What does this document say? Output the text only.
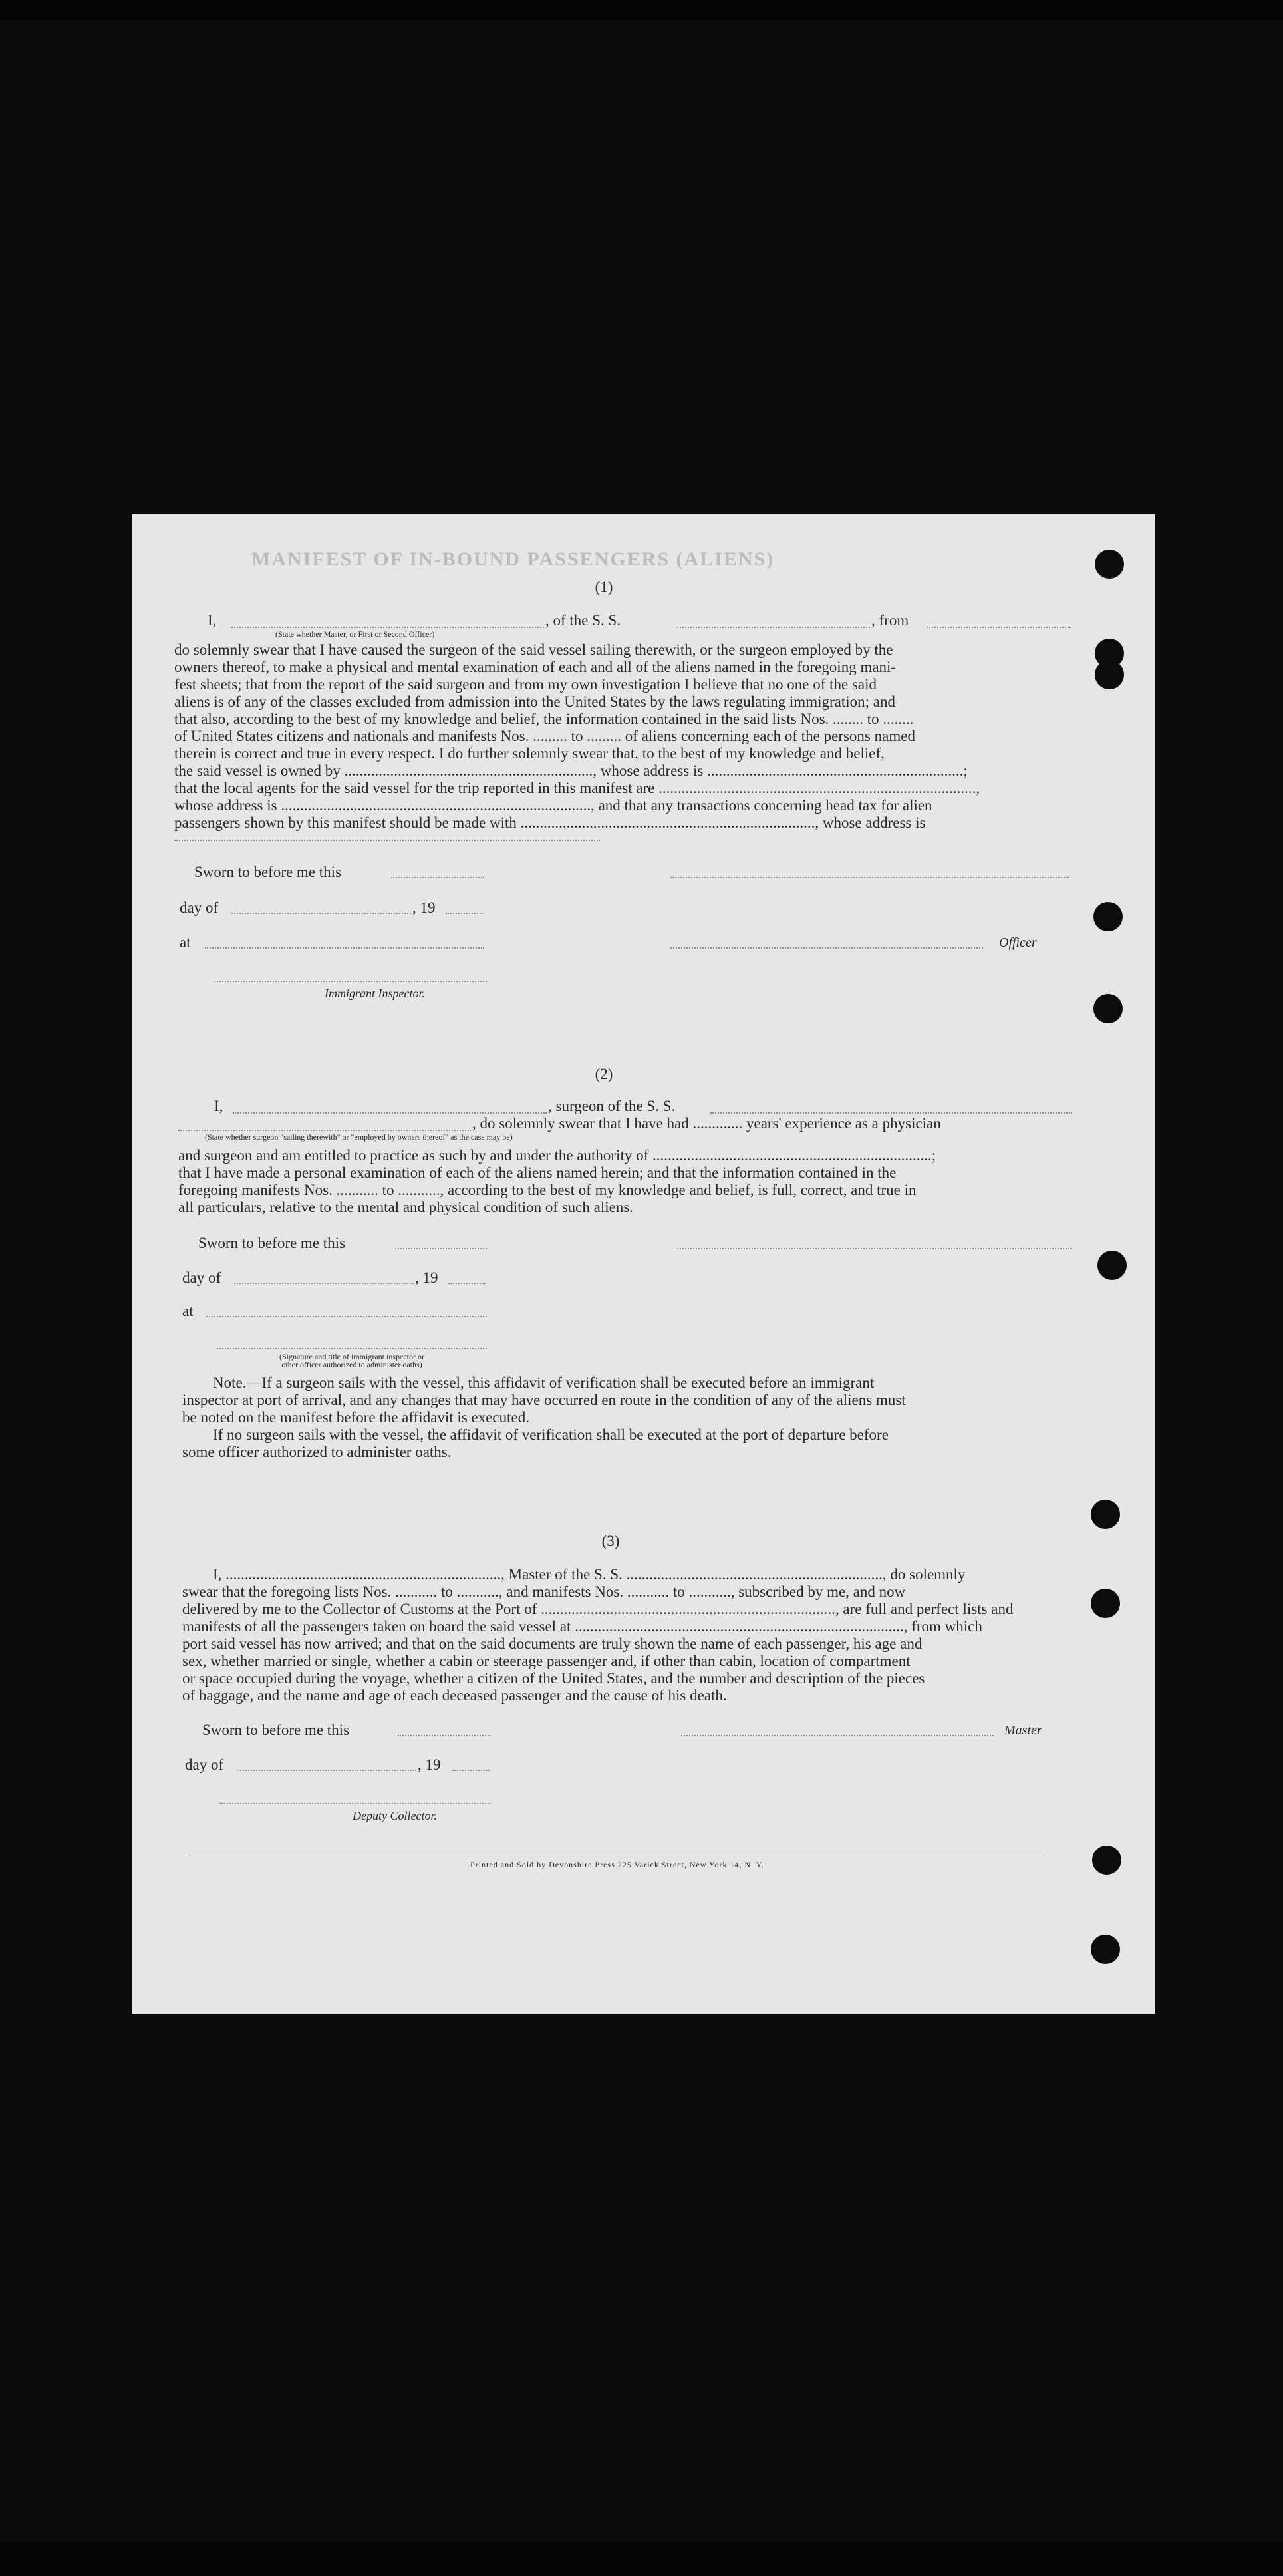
MANIFEST OF IN-BOUND PASSENGERS (ALIENS)
(1)
I,	, of the S. S.	, from
(State whether Master, or First or Second Officer)

do solemnly swear that I have caused the surgeon of the said vessel sailing therewith, or the surgeon employed by the

owners thereof, to make a physical and mental examination of each and all of the aliens named in the foregoing mani-

fest sheets; that from the report of the said surgeon and from my own investigation I believe that no one of the said

aliens is of any of the classes excluded from admission into the United States by the laws regulating immigration; and

that also, according to the best of my knowledge and belief, the information contained in the said lists Nos. ........ to ........

of United States citizens and nationals and manifests Nos. ......... to ......... of aliens concerning each of the persons named

therein is correct and true in every respect. I do further solemnly swear that, to the best of my knowledge and belief,

the said vessel is owned by ................................................................., whose address is ...................................................................;

that the local agents for the said vessel for the trip reported in this manifest are ...................................................................................,

whose address is ................................................................................., and that any transactions concerning head tax for alien

passengers shown by this manifest should be made with ............................................................................., whose address is

Sworn to before me this
day of	, 19
at	Officer
Immigrant Inspector.
(2)
I,	, surgeon of the S. S.
, do solemnly swear that I have had ............. years' experience as a physician
(State whether surgeon "sailing therewith" or "employed by owners thereof" as the case may be)

and surgeon and am entitled to practice as such by and under the authority of .........................................................................;

that I have made a personal examination of each of the aliens named herein; and that the information contained in the

foregoing manifests Nos. ........... to ..........., according to the best of my knowledge and belief, is full, correct, and true in

all particulars, relative to the mental and physical condition of such aliens.

Sworn to before me this
day of	, 19
at
(Signature and title of immigrant inspector or
other officer authorized to administer oaths)

Note.—If a surgeon sails with the vessel, this affidavit of verification shall be executed before an immigrant

inspector at port of arrival, and any changes that may have occurred en route in the condition of any of the aliens must

be noted on the manifest before the affidavit is executed.

If no surgeon sails with the vessel, the affidavit of verification shall be executed at the port of departure before

some officer authorized to administer oaths.

(3)

I, ........................................................................, Master of the S. S. ..................................................................., do solemnly

swear that the foregoing lists Nos. ........... to ..........., and manifests Nos. ........... to ..........., subscribed by me, and now

delivered by me to the Collector of Customs at the Port of ............................................................................., are full and perfect lists and

manifests of all the passengers taken on board the said vessel at ......................................................................................, from which

port said vessel has now arrived; and that on the said documents are truly shown the name of each passenger, his age and

sex, whether married or single, whether a cabin or steerage passenger and, if other than cabin, location of compartment

or space occupied during the voyage, whether a citizen of the United States, and the number and description of the pieces

of baggage, and the name and age of each deceased passenger and the cause of his death.

Sworn to before me this	Master
day of	, 19
Deputy Collector.
Printed and Sold by Devonshire Press 225 Varick Street, New York 14, N. Y.
